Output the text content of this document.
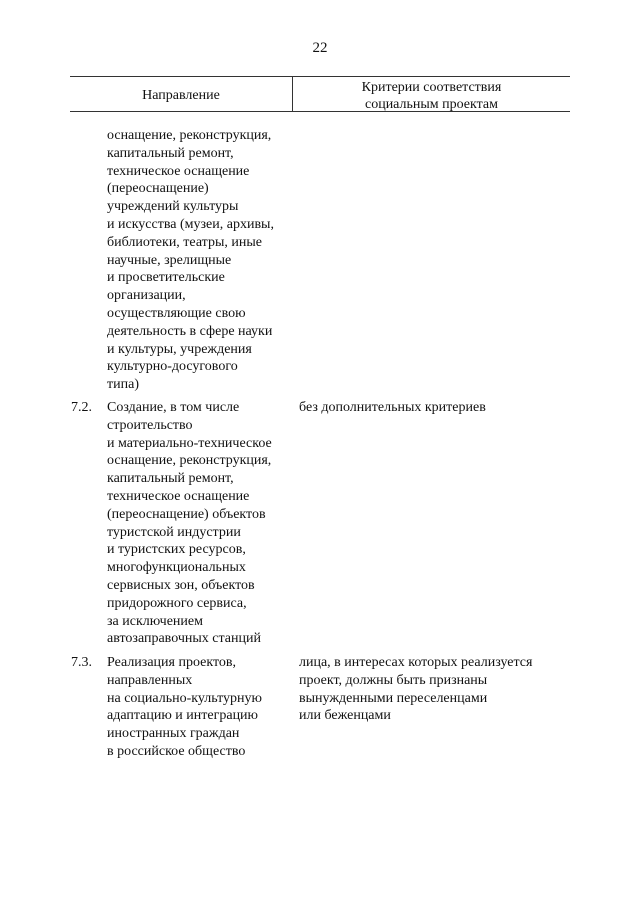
22
Направление
Критерии соответствия
социальным проектам
оснащение, реконструкция,
капитальный ремонт,
техническое оснащение
(переоснащение)
учреждений культуры
и искусства (музеи, архивы,
библиотеки, театры, иные
научные, зрелищные
и просветительские
организации,
осуществляющие свою
деятельность в сфере науки
и культуры, учреждения
культурно-досугового
типа)
7.2.	Создание, в том числе
строительство
и материально-техническое
оснащение, реконструкция,
капитальный ремонт,
техническое оснащение
(переоснащение) объектов
туристской индустрии
и туристских ресурсов,
многофункциональных
сервисных зон, объектов
придорожного сервиса,
за исключением
автозаправочных станций
без дополнительных критериев
7.3.	Реализация проектов,
направленных
на социально-культурную
адаптацию и интеграцию
иностранных граждан
в российское общество
лица, в интересах которых реализуется
проект, должны быть признаны
вынужденными переселенцами
или беженцами
